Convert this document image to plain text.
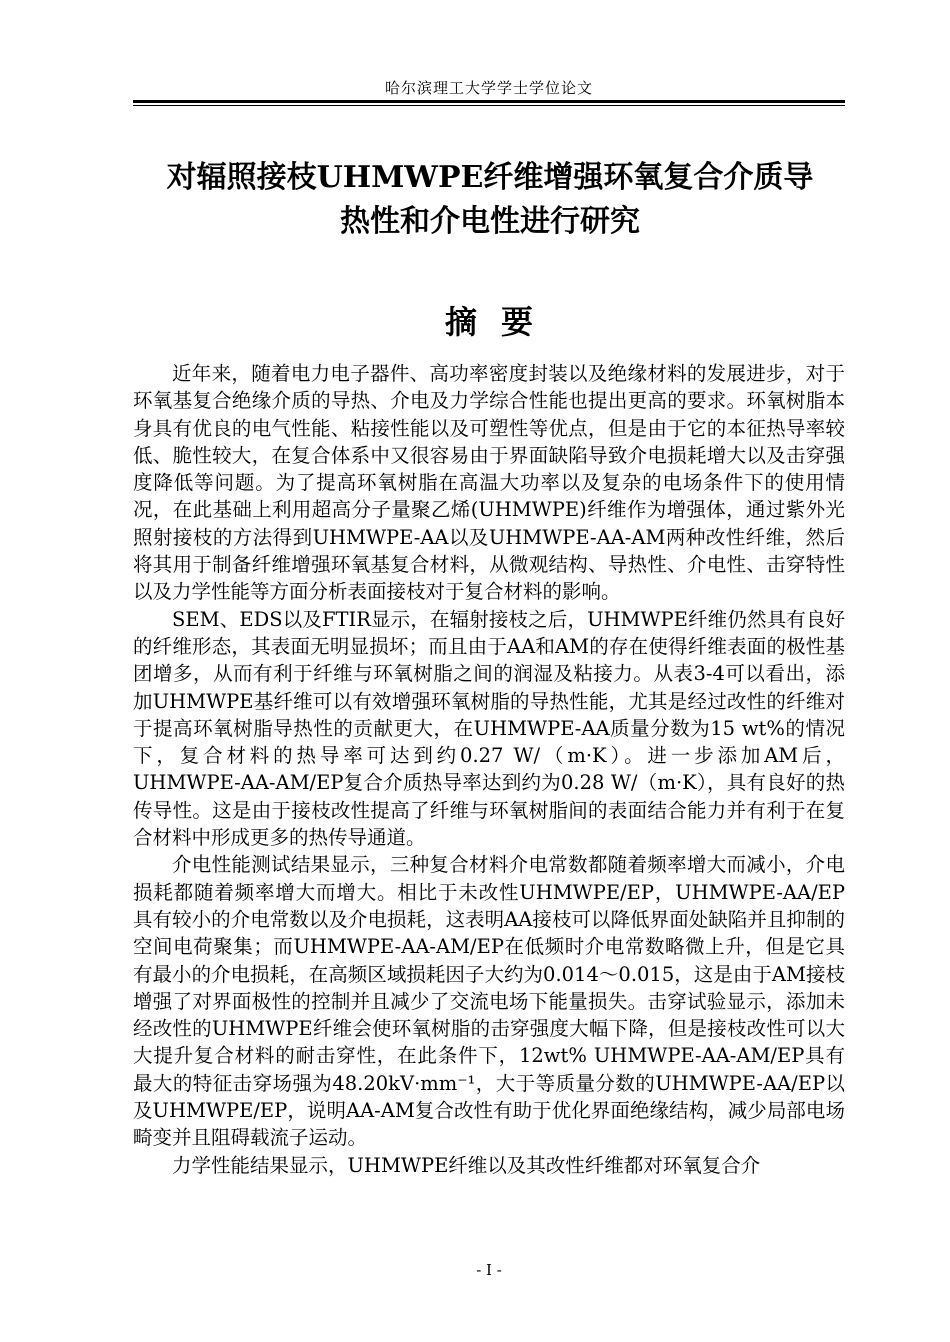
哈尔滨理工大学学士学位论文
对辐照接枝UHMWPE纤维增强环氧复合介质导
热性和介电性进行研究
摘要

近年来，随着电力电子器件、高功率密度封装以及绝缘材料的发展进步，对于环氧基复合绝缘介质的导热、介电及力学综合性能也提出更高的要求。环氧树脂本身具有优良的电气性能、粘接性能以及可塑性等优点，但是由于它的本征热导率较低、脆性较大，在复合体系中又很容易由于界面缺陷导致介电损耗增大以及击穿强度降低等问题。为了提高环氧树脂在高温大功率以及复杂的电场条件下的使用情况，在此基础上利用超高分子量聚乙烯(UHMWPE)纤维作为增强体，通过紫外光照射接枝的方法得到UHMWPE-AA以及UHMWPE-AA-AM两种改性纤维，然后将其用于制备纤维增强环氧基复合材料，从微观结构、导热性、介电性、击穿特性以及力学性能等方面分析表面接枝对于复合材料的影响。

SEM、EDS以及FTIR显示，在辐射接枝之后，UHMWPE纤维仍然具有良好的纤维形态，其表面无明显损坏；而且由于AA和AM的存在使得纤维表面的极性基团增多，从而有利于纤维与环氧树脂之间的润湿及粘接力。从表3-4可以看出，添加UHMWPE基纤维可以有效增强环氧树脂的导热性能，尤其是经过改性的纤维对于提高环氧树脂导热性的贡献更大，在UHMWPE-AA质量分数为15 wt%的情况下，复合材料的热导率可达到约0.27 W/（m·K）。进一步添加AM后，UHMWPE-AA-AM/EP复合介质热导率达到约为0.28 W/（m·K），具有良好的热传导性。这是由于接枝改性提高了纤维与环氧树脂间的表面结合能力并有利于在复合材料中形成更多的热传导通道。

介电性能测试结果显示，三种复合材料介电常数都随着频率增大而减小，介电损耗都随着频率增大而增大。相比于未改性UHMWPE/EP，UHMWPE-AA/EP具有较小的介电常数以及介电损耗，这表明AA接枝可以降低界面处缺陷并且抑制的空间电荷聚集；而UHMWPE-AA-AM/EP在低频时介电常数略微上升，但是它具有最小的介电损耗，在高频区域损耗因子大约为0.014～0.015，这是由于AM接枝增强了对界面极性的控制并且减少了交流电场下能量损失。击穿试验显示，添加未经改性的UHMWPE纤维会使环氧树脂的击穿强度大幅下降，但是接枝改性可以大大提升复合材料的耐击穿性，在此条件下，12wt% UHMWPE-AA-AM/EP具有最大的特征击穿场强为48.20kV·mm⁻¹，大于等质量分数的UHMWPE-AA/EP以及UHMWPE/EP，说明AA-AM复合改性有助于优化界面绝缘结构，减少局部电场畸变并且阻碍载流子运动。

力学性能结果显示，UHMWPE纤维以及其改性纤维都对环氧复合介

- I -
